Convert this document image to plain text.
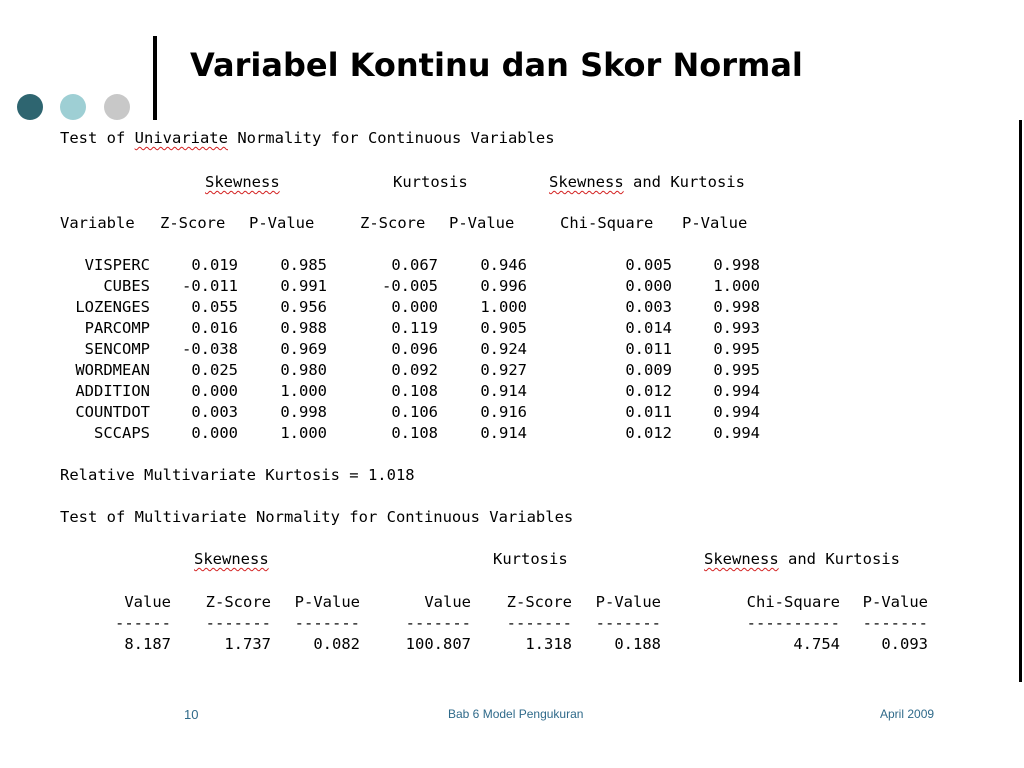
Variabel Kontinu dan Skor Normal
Test of Univariate Normality for Continuous Variables
Skewness	Kurtosis	Skewness and Kurtosis
Variable Z-Score P-Value	Z-Score P-Value	Chi-Square P-Value
VISPERC	0.019	0.985	0.067	0.946	0.005	0.998
CUBES	-0.011	0.991	-0.005	0.996	0.000	1.000
LOZENGES	0.055	0.956	0.000	1.000	0.003	0.998
PARCOMP	0.016	0.988	0.119	0.905	0.014	0.993
SENCOMP	-0.038	0.969	0.096	0.924	0.011	0.995
WORDMEAN	0.025	0.980	0.092	0.927	0.009	0.995
ADDITION	0.000	1.000	0.108	0.914	0.012	0.994
COUNTDOT	0.003	0.998	0.106	0.916	0.011	0.994
SCCAPS	0.000	1.000	0.108	0.914	0.012	0.994
Relative Multivariate Kurtosis = 1.018
Test of Multivariate Normality for Continuous Variables
Skewness	Kurtosis	Skewness and Kurtosis
Value	Z-Score	P-Value	Value	Z-Score	P-Value	Chi-Square	P-Value
------	-------	-------	-------	-------	-------	----------	-------
8.187	1.737	0.082	100.807	1.318	0.188	4.754	0.093
10	Bab 6 Model Pengukuran	April 2009
